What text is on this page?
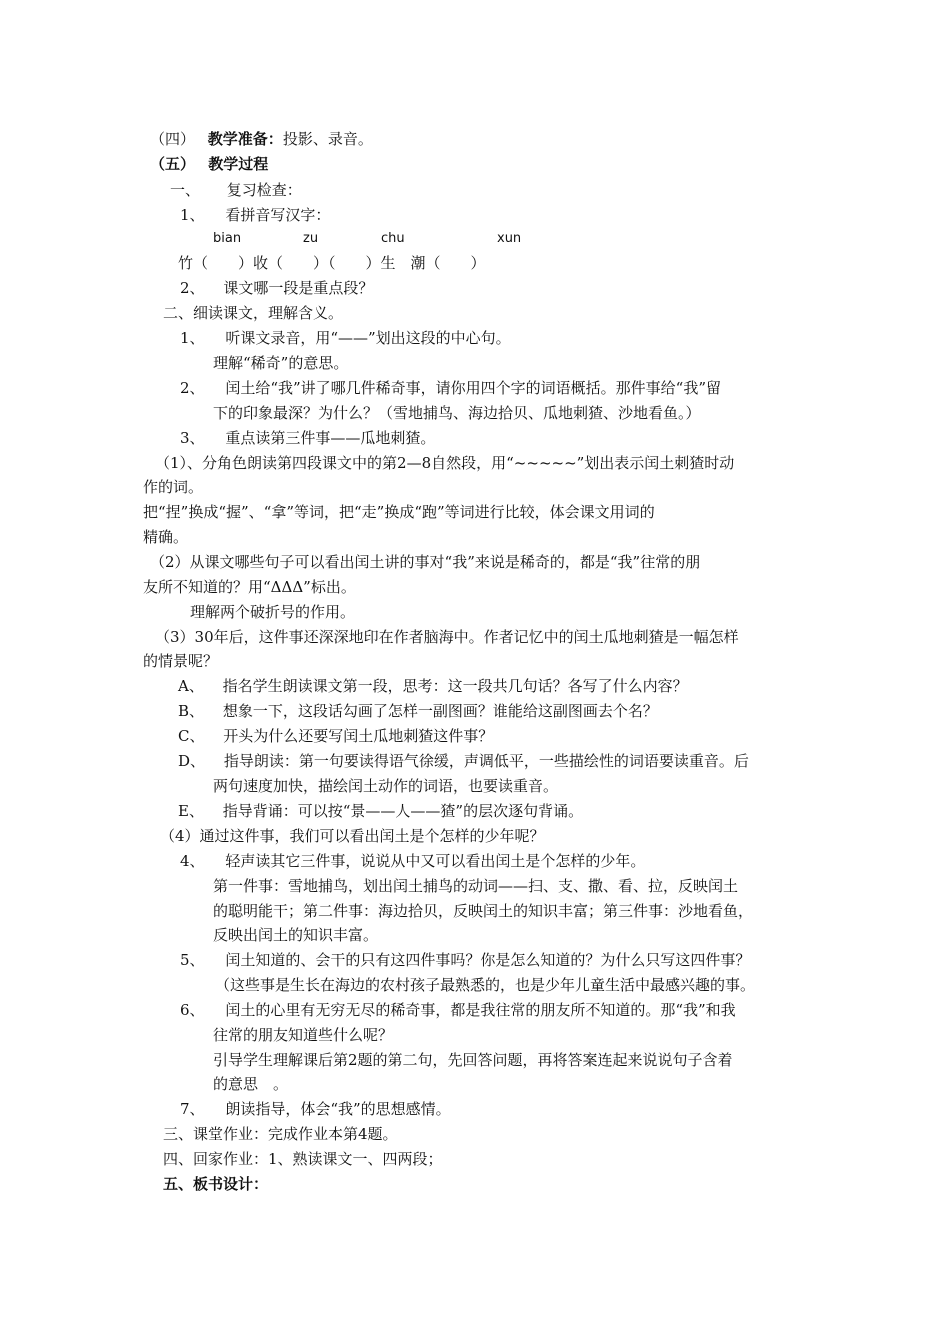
（四） 教学准备：投影、录音。
（五） 教学过程
一、 复习检查：
1、 看拼音写汉字：
bian	zu	chu	xun
竹（　　）收（　　）（　　）生　潮（　　）
2、 课文哪一段是重点段？
二、细读课文，理解含义。
1、 听课文录音，用“——”划出这段的中心句。
理解“稀奇”的意思。
2、 闰土给“我”讲了哪几件稀奇事，请你用四个字的词语概括。那件事给“我”留
下的印象最深？为什么？（雪地捕鸟、海边拾贝、瓜地刺猹、沙地看鱼。）
3、 重点读第三件事——瓜地刺猹。
（1）、分角色朗读第四段课文中的第2—8自然段，用“~~~~~”划出表示闰土刺猹时动
作的词。
把“捏”换成“握”、“拿”等词，把“走”换成“跑”等词进行比较，体会课文用词的
精确。
（2）从课文哪些句子可以看出闰土讲的事对“我”来说是稀奇的，都是“我”往常的朋
友所不知道的？用“ΔΔΔ”标出。
理解两个破折号的作用。
（3）30年后，这件事还深深地印在作者脑海中。作者记忆中的闰土瓜地刺猹是一幅怎样
的情景呢？
A、 指名学生朗读课文第一段，思考：这一段共几句话？各写了什么内容？
B、 想象一下，这段话勾画了怎样一副图画？谁能给这副图画去个名？
C、 开头为什么还要写闰土瓜地刺猹这件事？
D、 指导朗读：第一句要读得语气徐缓，声调低平，一些描绘性的词语要读重音。后
两句速度加快，描绘闰土动作的词语，也要读重音。
E、 指导背诵：可以按“景——人——猹”的层次逐句背诵。
（4）通过这件事，我们可以看出闰土是个怎样的少年呢？
4、 轻声读其它三件事，说说从中又可以看出闰土是个怎样的少年。
第一件事：雪地捕鸟，划出闰土捕鸟的动词——扫、支、撒、看、拉，反映闰土
的聪明能干；第二件事：海边拾贝，反映闰土的知识丰富；第三件事：沙地看鱼，
反映出闰土的知识丰富。
5、 闰土知道的、会干的只有这四件事吗？你是怎么知道的？为什么只写这四件事？
（这些事是生长在海边的农村孩子最熟悉的，也是少年儿童生活中最感兴趣的事。
6、 闰土的心里有无穷无尽的稀奇事，都是我往常的朋友所不知道的。那“我”和我
往常的朋友知道些什么呢？
引导学生理解课后第2题的第二句，先回答问题，再将答案连起来说说句子含着
的意思　。
7、 朗读指导，体会“我”的思想感情。
三、课堂作业：完成作业本第4题。
四、回家作业：1、熟读课文一、四两段；
五、板书设计：
